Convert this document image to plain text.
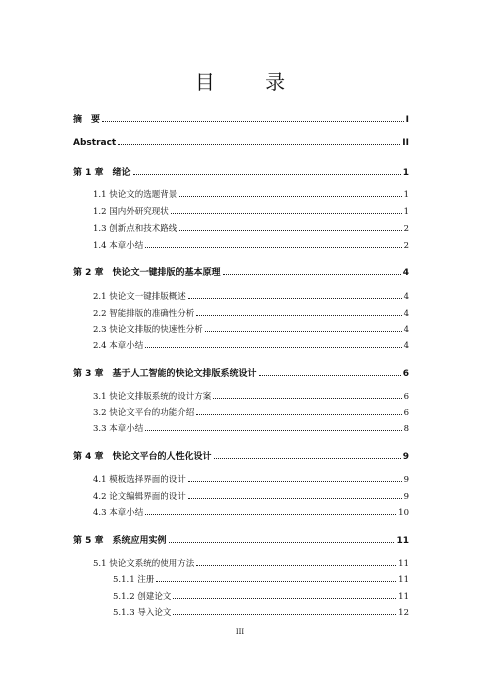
目 录
摘　要	I
Abstract	II
第 1 章　绪论	1
1.1 快论文的选题背景	1
1.2 国内外研究现状	1
1.3 创新点和技术路线	2
1.4 本章小结	2
第 2 章　快论文一键排版的基本原理	4
2.1 快论文一键排版概述	4
2.2 智能排版的准确性分析	4
2.3 快论文排版的快速性分析	4
2.4 本章小结	4
第 3 章　基于人工智能的快论文排版系统设计	6
3.1 快论文排版系统的设计方案	6
3.2 快论文平台的功能介绍	6
3.3 本章小结	8
第 4 章　快论文平台的人性化设计	9
4.1 模板选择界面的设计	9
4.2 论文编辑界面的设计	9
4.3 本章小结	10
第 5 章　系统应用实例	11
5.1 快论文系统的使用方法	11
5.1.1 注册	11
5.1.2 创建论文	11
5.1.3 导入论文	12
III
